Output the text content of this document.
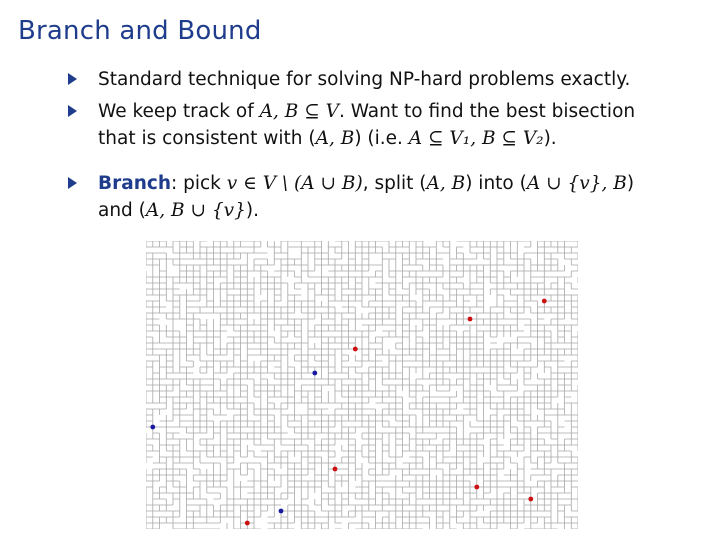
Branch and Bound
Standard technique for solving NP-hard problems exactly.
We keep track of A, B ⊆ V. Want to find the best bisection
that is consistent with (A, B) (i.e. A ⊆ V₁, B ⊆ V₂).
Branch: pick v ∈ V \ (A ∪ B), split (A, B) into (A ∪ {v}, B)
and (A, B ∪ {v}).
